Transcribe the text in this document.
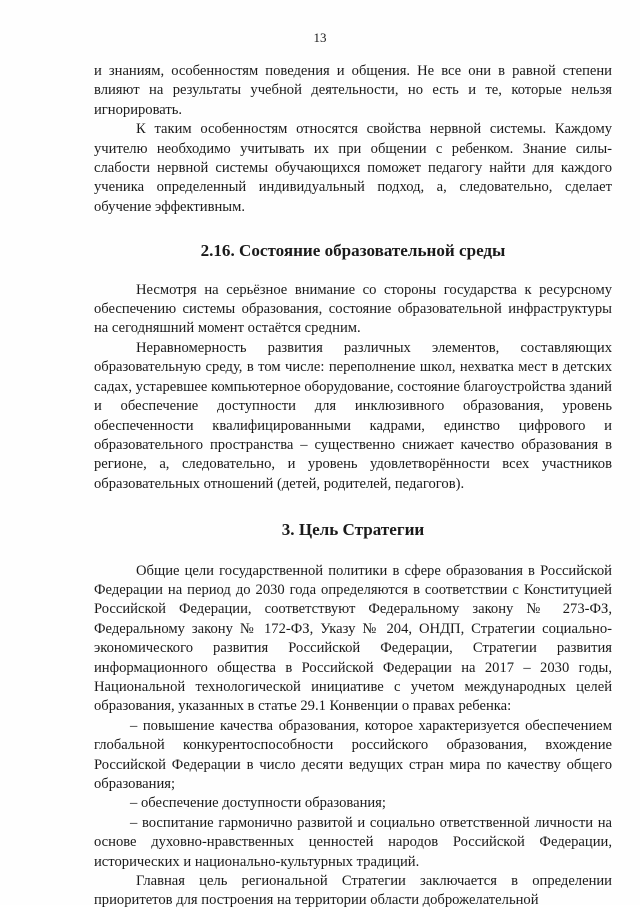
13

и знаниям, особенностям поведения и общения. Не все они в равной степени влияют на результаты учебной деятельности, но есть и те, которые нельзя игнорировать.

К таким особенностям относятся свойства нервной системы. Каждому учителю необходимо учитывать их при общении с ребенком. Знание силы-слабости нервной системы обучающихся поможет педагогу найти для каждого ученика определенный индивидуальный подход, а, следовательно, сделает обучение эффективным.

2.16. Состояние образовательной среды

Несмотря на серьёзное внимание со стороны государства к ресурсному обеспечению системы образования, состояние образовательной инфраструктуры на сегодняшний момент остаётся средним.

Неравномерность развития различных элементов, составляющих образовательную среду, в том числе: переполнение школ, нехватка мест в детских садах, устаревшее компьютерное оборудование, состояние благоустройства зданий и обеспечение доступности для инклюзивного образования, уровень обеспеченности квалифицированными кадрами, единство цифрового и образовательного пространства – существенно снижает качество образования в регионе, а, следовательно, и уровень удовлетворённости всех участников образовательных отношений (детей, родителей, педагогов).

3. Цель Стратегии

Общие цели государственной политики в сфере образования в Российской Федерации на период до 2030 года определяются в соответствии с Конституцией Российской Федерации, соответствуют Федеральному закону № 273-ФЗ, Федеральному закону № 172-ФЗ, Указу № 204, ОНДП, Стратегии социально-экономического развития Российской Федерации, Стратегии развития информационного общества в Российской Федерации на 2017 – 2030 годы, Национальной технологической инициативе с учетом международных целей образования, указанных в статье 29.1 Конвенции о правах ребенка:

– повышение качества образования, которое характеризуется обеспечением глобальной конкурентоспособности российского образования, вхождение Российской Федерации в число десяти ведущих стран мира по качеству общего образования;

– обеспечение доступности образования;

– воспитание гармонично развитой и социально ответственной личности на основе духовно-нравственных ценностей народов Российской Федерации, исторических и национально-культурных традиций.

Главная цель региональной Стратегии заключается в определении приоритетов для построения на территории области доброжелательной
